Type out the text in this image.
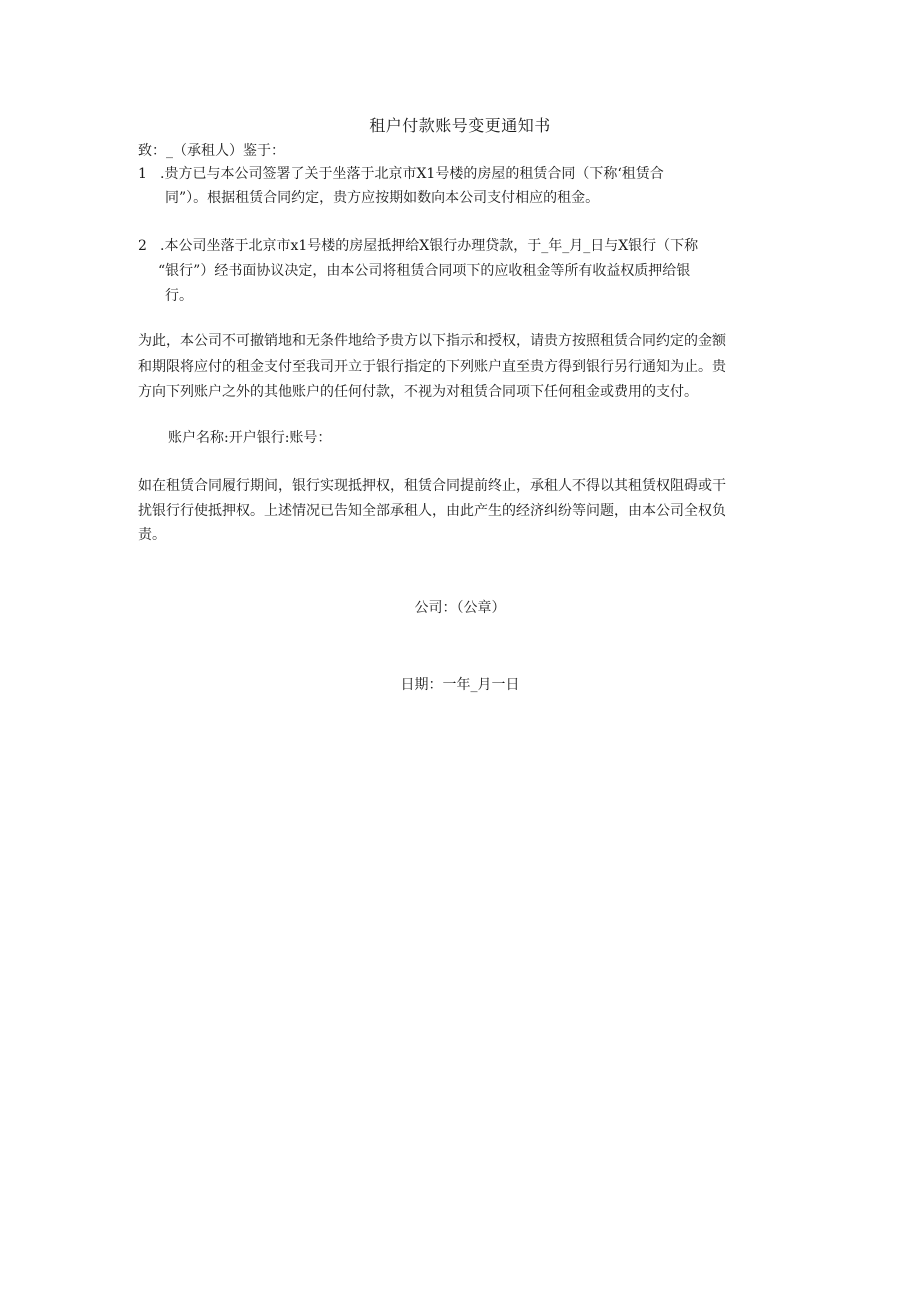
租户付款账号变更通知书
致：_（承租人）鉴于：
1 .贵方已与本公司签署了关于坐落于北京市X1号楼的房屋的租赁合同（下称‘租赁合
同”）。根据租赁合同约定，贵方应按期如数向本公司支付相应的租金。
2 .本公司坐落于北京市x1号楼的房屋抵押给X银行办理贷款，于_年_月_日与X银行（下称
“银行”）经书面协议决定，由本公司将租赁合同项下的应收租金等所有收益权质押给银
行。
为此，本公司不可撤销地和无条件地给予贵方以下指示和授权，请贵方按照租赁合同约定的金额
和期限将应付的租金支付至我司开立于银行指定的下列账户直至贵方得到银行另行通知为止。贵
方向下列账户之外的其他账户的任何付款，不视为对租赁合同项下任何租金或费用的支付。
账户名称:开户银行:账号：
如在租赁合同履行期间，银行实现抵押权，租赁合同提前终止，承租人不得以其租赁权阻碍或干
扰银行行使抵押权。上述情况已告知全部承租人，由此产生的经济纠纷等问题，由本公司全权负
责。
公司：（公章）
日期：一年_月一日
